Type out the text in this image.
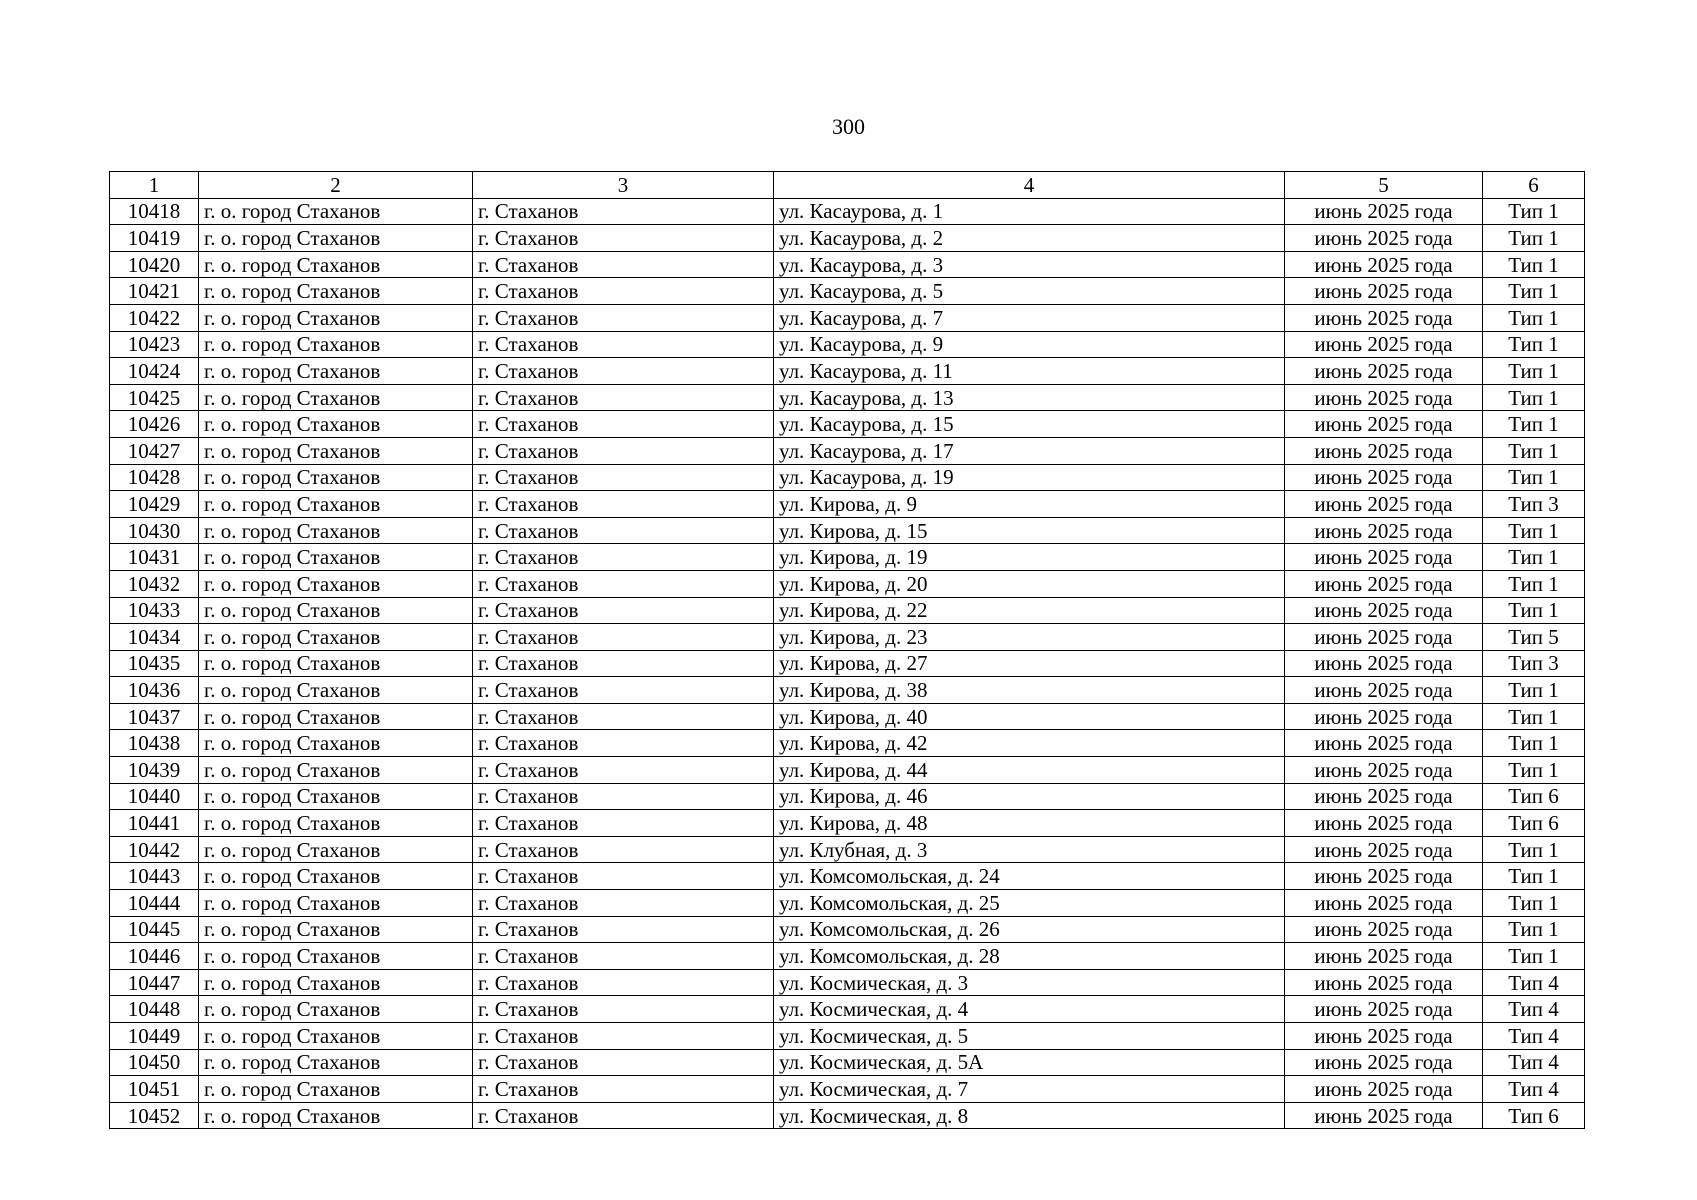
300
1	2	3	4	5	6
10418	г. о. город Стаханов	г. Стаханов	ул. Касаурова, д. 1	июнь 2025 года	Тип 1
10419	г. о. город Стаханов	г. Стаханов	ул. Касаурова, д. 2	июнь 2025 года	Тип 1
10420	г. о. город Стаханов	г. Стаханов	ул. Касаурова, д. 3	июнь 2025 года	Тип 1
10421	г. о. город Стаханов	г. Стаханов	ул. Касаурова, д. 5	июнь 2025 года	Тип 1
10422	г. о. город Стаханов	г. Стаханов	ул. Касаурова, д. 7	июнь 2025 года	Тип 1
10423	г. о. город Стаханов	г. Стаханов	ул. Касаурова, д. 9	июнь 2025 года	Тип 1
10424	г. о. город Стаханов	г. Стаханов	ул. Касаурова, д. 11	июнь 2025 года	Тип 1
10425	г. о. город Стаханов	г. Стаханов	ул. Касаурова, д. 13	июнь 2025 года	Тип 1
10426	г. о. город Стаханов	г. Стаханов	ул. Касаурова, д. 15	июнь 2025 года	Тип 1
10427	г. о. город Стаханов	г. Стаханов	ул. Касаурова, д. 17	июнь 2025 года	Тип 1
10428	г. о. город Стаханов	г. Стаханов	ул. Касаурова, д. 19	июнь 2025 года	Тип 1
10429	г. о. город Стаханов	г. Стаханов	ул. Кирова, д. 9	июнь 2025 года	Тип 3
10430	г. о. город Стаханов	г. Стаханов	ул. Кирова, д. 15	июнь 2025 года	Тип 1
10431	г. о. город Стаханов	г. Стаханов	ул. Кирова, д. 19	июнь 2025 года	Тип 1
10432	г. о. город Стаханов	г. Стаханов	ул. Кирова, д. 20	июнь 2025 года	Тип 1
10433	г. о. город Стаханов	г. Стаханов	ул. Кирова, д. 22	июнь 2025 года	Тип 1
10434	г. о. город Стаханов	г. Стаханов	ул. Кирова, д. 23	июнь 2025 года	Тип 5
10435	г. о. город Стаханов	г. Стаханов	ул. Кирова, д. 27	июнь 2025 года	Тип 3
10436	г. о. город Стаханов	г. Стаханов	ул. Кирова, д. 38	июнь 2025 года	Тип 1
10437	г. о. город Стаханов	г. Стаханов	ул. Кирова, д. 40	июнь 2025 года	Тип 1
10438	г. о. город Стаханов	г. Стаханов	ул. Кирова, д. 42	июнь 2025 года	Тип 1
10439	г. о. город Стаханов	г. Стаханов	ул. Кирова, д. 44	июнь 2025 года	Тип 1
10440	г. о. город Стаханов	г. Стаханов	ул. Кирова, д. 46	июнь 2025 года	Тип 6
10441	г. о. город Стаханов	г. Стаханов	ул. Кирова, д. 48	июнь 2025 года	Тип 6
10442	г. о. город Стаханов	г. Стаханов	ул. Клубная, д. 3	июнь 2025 года	Тип 1
10443	г. о. город Стаханов	г. Стаханов	ул. Комсомольская, д. 24	июнь 2025 года	Тип 1
10444	г. о. город Стаханов	г. Стаханов	ул. Комсомольская, д. 25	июнь 2025 года	Тип 1
10445	г. о. город Стаханов	г. Стаханов	ул. Комсомольская, д. 26	июнь 2025 года	Тип 1
10446	г. о. город Стаханов	г. Стаханов	ул. Комсомольская, д. 28	июнь 2025 года	Тип 1
10447	г. о. город Стаханов	г. Стаханов	ул. Космическая, д. 3	июнь 2025 года	Тип 4
10448	г. о. город Стаханов	г. Стаханов	ул. Космическая, д. 4	июнь 2025 года	Тип 4
10449	г. о. город Стаханов	г. Стаханов	ул. Космическая, д. 5	июнь 2025 года	Тип 4
10450	г. о. город Стаханов	г. Стаханов	ул. Космическая, д. 5А	июнь 2025 года	Тип 4
10451	г. о. город Стаханов	г. Стаханов	ул. Космическая, д. 7	июнь 2025 года	Тип 4
10452	г. о. город Стаханов	г. Стаханов	ул. Космическая, д. 8	июнь 2025 года	Тип 6
